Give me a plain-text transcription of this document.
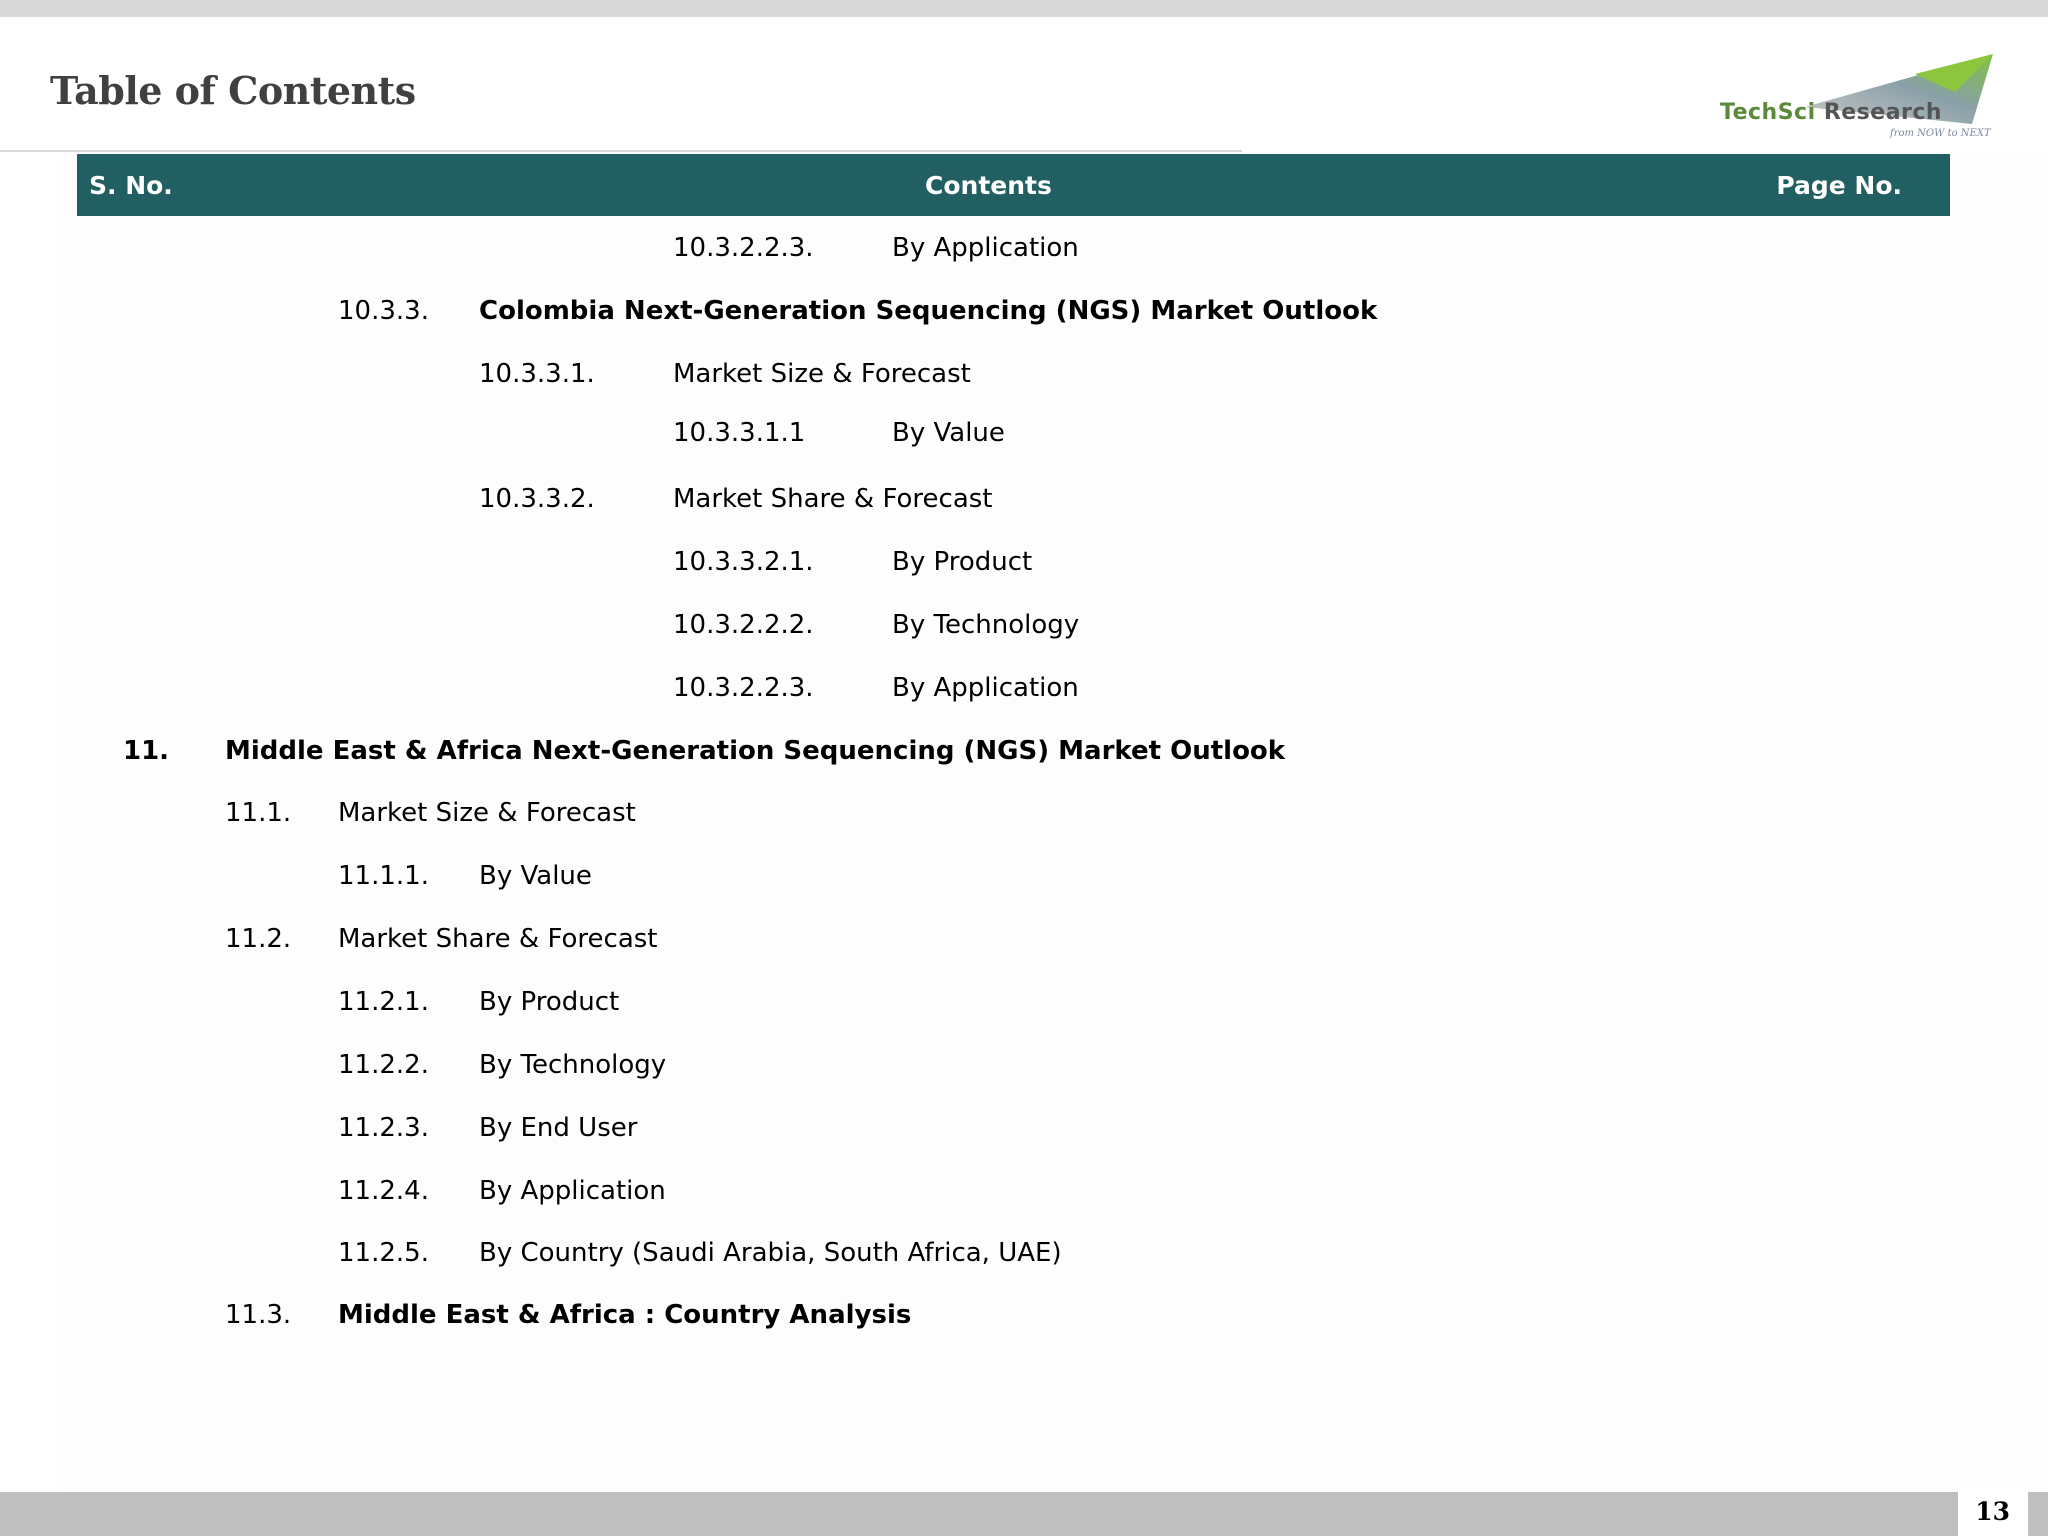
Table of Contents	TechSci Research
from NOW to NEXT
S. No.	Contents	Page No.
10.3.2.2.3.	By Application
10.3.3. Colombia Next-Generation Sequencing (NGS) Market Outlook
10.3.3.1.	Market Size & Forecast
10.3.3.1.1	By Value
10.3.3.2.	Market Share & Forecast
10.3.3.2.1.	By Product
10.3.2.2.2.	By Technology
10.3.2.2.3.	By Application
11. Middle East & Africa Next-Generation Sequencing (NGS) Market Outlook
11.1. Market Size & Forecast
11.1.1. By Value
11.2. Market Share & Forecast
11.2.1. By Product
11.2.2. By Technology
11.2.3. By End User
11.2.4. By Application
11.2.5. By Country (Saudi Arabia, South Africa, UAE)
11.3. Middle East & Africa : Country Analysis
13
